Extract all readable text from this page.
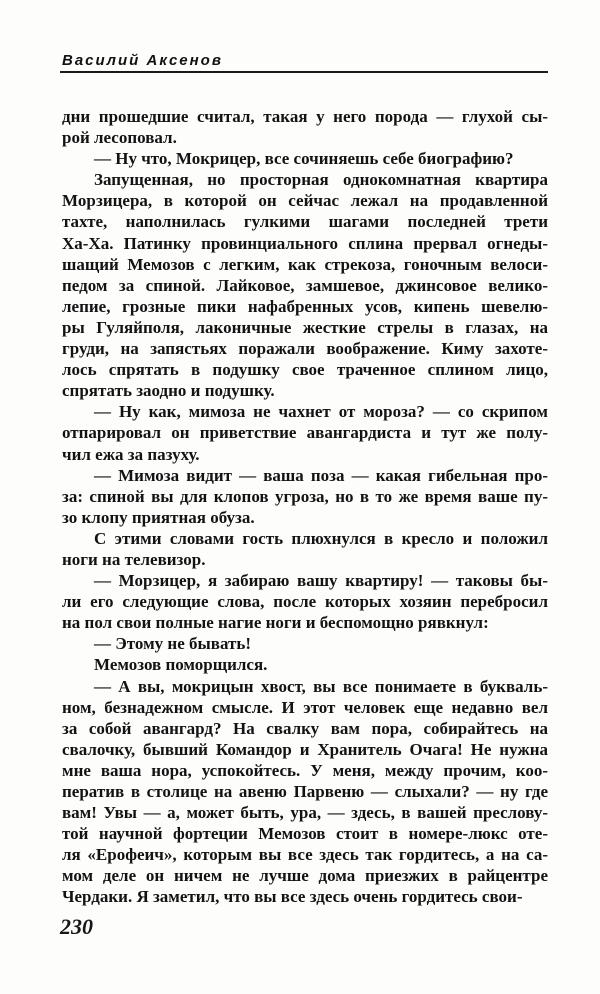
Василий Аксенов
дни прошедшие считал, такая у него порода — глухой сы-
рой лесоповал.
— Ну что, Мокрицер, все сочиняешь себе биографию?
Запущенная, но просторная однокомнатная квартира
Морзицера, в которой он сейчас лежал на продавленной
тахте, наполнилась гулкими шагами последней трети
Ха-Ха. Патинку провинциального сплина прервал огнеды-
шащий Мемозов с легким, как стрекоза, гоночным велоси-
педом за спиной. Лайковое, замшевое, джинсовое велико-
лепие, грозные пики нафабренных усов, кипень шевелю-
ры Гуляйполя, лаконичные жесткие стрелы в глазах, на
груди, на запястьях поражали воображение. Киму захоте-
лось спрятать в подушку свое траченное сплином лицо,
спрятать заодно и подушку.
— Ну как, мимоза не чахнет от мороза? — со скрипом
отпарировал он приветствие авангардиста и тут же полу-
чил ежа за пазуху.
— Мимоза видит — ваша поза — какая гибельная про-
за: спиной вы для клопов угроза, но в то же время ваше пу-
зо клопу приятная обуза.
С этими словами гость плюхнулся в кресло и положил
ноги на телевизор.
— Морзицер, я забираю вашу квартиру! — таковы бы-
ли его следующие слова, после которых хозяин перебросил
на пол свои полные нагие ноги и беспомощно рявкнул:
— Этому не бывать!
Мемозов поморщился.
— А вы, мокрицын хвост, вы все понимаете в букваль-
ном, безнадежном смысле. И этот человек еще недавно вел
за собой авангард? На свалку вам пора, собирайтесь на
свалочку, бывший Командор и Хранитель Очага! Не нужна
мне ваша нора, успокойтесь. У меня, между прочим, коо-
ператив в столице на авеню Парвеню — слыхали? — ну где
вам! Увы — а, может быть, ура, — здесь, в вашей преслову-
той научной фортеции Мемозов стоит в номере-люкс оте-
ля «Ерофеич», которым вы все здесь так гордитесь, а на са-
мом деле он ничем не лучше дома приезжих в райцентре
Чердаки. Я заметил, что вы все здесь очень гордитесь свои-
230
